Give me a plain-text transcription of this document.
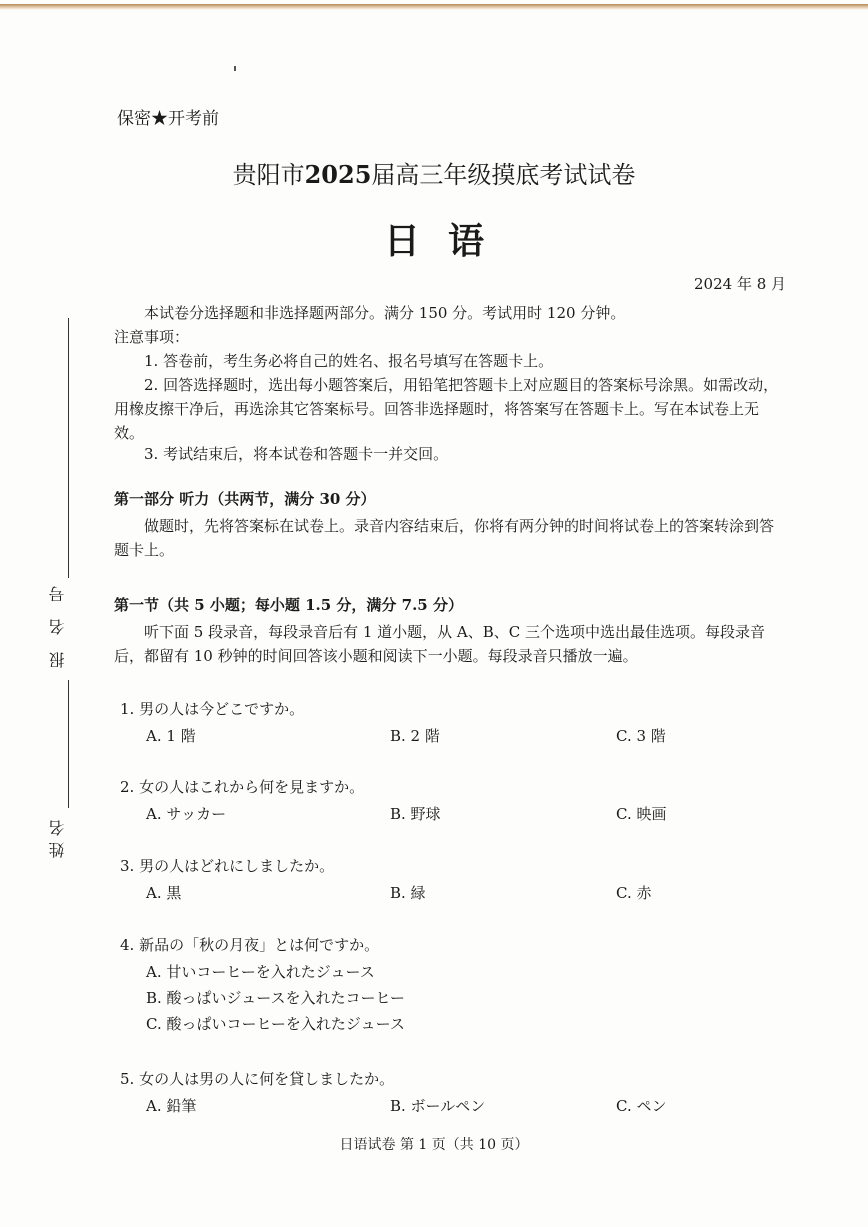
报 名 号
姓名
保密★开考前
贵阳市2025届高三年级摸底考试试卷
日语
2024 年 8 月
本试卷分选择题和非选择题两部分。满分 150 分。考试用时 120 分钟。
注意事项：
1. 答卷前，考生务必将自己的姓名、报名号填写在答题卡上。
2. 回答选择题时，选出每小题答案后，用铅笔把答题卡上对应题目的答案标号涂黑。如需改动，用橡皮擦干净后，再选涂其它答案标号。回答非选择题时，将答案写在答题卡上。写在本试卷上无效。
3. 考试结束后，将本试卷和答题卡一并交回。
第一部分 听力（共两节，满分 30 分）
做题时，先将答案标在试卷上。录音内容结束后，你将有两分钟的时间将试卷上的答案转涂到答题卡上。
第一节（共 5 小题；每小题 1.5 分，满分 7.5 分）
听下面 5 段录音，每段录音后有 1 道小题，从 A、B、C 三个选项中选出最佳选项。每段录音后，都留有 10 秒钟的时间回答该小题和阅读下一小题。每段录音只播放一遍。
1. 男の人は今どこですか。
A. 1 階	B. 2 階	C. 3 階
2. 女の人はこれから何を見ますか。
A. サッカー	B. 野球	C. 映画
3. 男の人はどれにしましたか。
A. 黒	B. 緑	C. 赤
4. 新品の「秋の月夜」とは何ですか。
A. 甘いコーヒーを入れたジュース
B. 酸っぱいジュースを入れたコーヒー
C. 酸っぱいコーヒーを入れたジュース
5. 女の人は男の人に何を貸しましたか。
A. 鉛筆	B. ボールペン	C. ペン
日语试卷 第 1 页（共 10 页）
